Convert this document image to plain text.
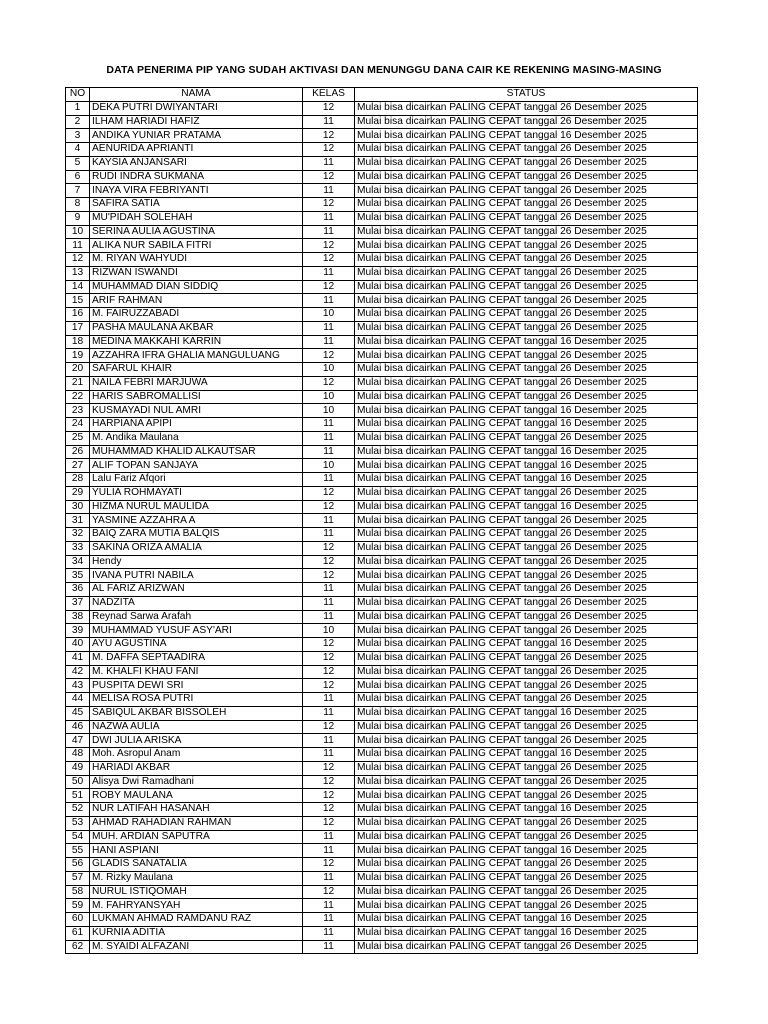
DATA PENERIMA PIP YANG SUDAH AKTIVASI DAN MENUNGGU DANA CAIR KE REKENING MASING-MASING
NO	NAMA	KELAS	STATUS
1	DEKA PUTRI DWIYANTARI	12	Mulai bisa dicairkan PALING CEPAT tanggal 26 Desember 2025
2	ILHAM HARIADI HAFIZ	11	Mulai bisa dicairkan PALING CEPAT tanggal 26 Desember 2025
3	ANDIKA YUNIAR PRATAMA	12	Mulai bisa dicairkan PALING CEPAT tanggal 16 Desember 2025
4	AENURIDA APRIANTI	12	Mulai bisa dicairkan PALING CEPAT tanggal 26 Desember 2025
5	KAYSIA ANJANSARI	11	Mulai bisa dicairkan PALING CEPAT tanggal 26 Desember 2025
6	RUDI INDRA SUKMANA	12	Mulai bisa dicairkan PALING CEPAT tanggal 26 Desember 2025
7	INAYA VIRA FEBRIYANTI	11	Mulai bisa dicairkan PALING CEPAT tanggal 26 Desember 2025
8	SAFIRA SATIA	12	Mulai bisa dicairkan PALING CEPAT tanggal 26 Desember 2025
9	MU'PIDAH SOLEHAH	11	Mulai bisa dicairkan PALING CEPAT tanggal 26 Desember 2025
10	SERINA AULIA AGUSTINA	11	Mulai bisa dicairkan PALING CEPAT tanggal 26 Desember 2025
11	ALIKA NUR SABILA FITRI	12	Mulai bisa dicairkan PALING CEPAT tanggal 26 Desember 2025
12	M. RIYAN WAHYUDI	12	Mulai bisa dicairkan PALING CEPAT tanggal 26 Desember 2025
13	RIZWAN ISWANDI	11	Mulai bisa dicairkan PALING CEPAT tanggal 26 Desember 2025
14	MUHAMMAD DIAN SIDDIQ	12	Mulai bisa dicairkan PALING CEPAT tanggal 26 Desember 2025
15	ARIF RAHMAN	11	Mulai bisa dicairkan PALING CEPAT tanggal 26 Desember 2025
16	M. FAIRUZZABADI	10	Mulai bisa dicairkan PALING CEPAT tanggal 26 Desember 2025
17	PASHA MAULANA AKBAR	11	Mulai bisa dicairkan PALING CEPAT tanggal 26 Desember 2025
18	MEDINA MAKKAHI KARRIN	11	Mulai bisa dicairkan PALING CEPAT tanggal 16 Desember 2025
19	AZZAHRA IFRA GHALIA MANGULUANG	12	Mulai bisa dicairkan PALING CEPAT tanggal 26 Desember 2025
20	SAFARUL KHAIR	10	Mulai bisa dicairkan PALING CEPAT tanggal 26 Desember 2025
21	NAILA FEBRI MARJUWA	12	Mulai bisa dicairkan PALING CEPAT tanggal 26 Desember 2025
22	HARIS SABROMALLISI	10	Mulai bisa dicairkan PALING CEPAT tanggal 26 Desember 2025
23	KUSMAYADI NUL AMRI	10	Mulai bisa dicairkan PALING CEPAT tanggal 16 Desember 2025
24	HARPIANA APIPI	11	Mulai bisa dicairkan PALING CEPAT tanggal 16 Desember 2025
25	M. Andika Maulana	11	Mulai bisa dicairkan PALING CEPAT tanggal 26 Desember 2025
26	MUHAMMAD KHALID ALKAUTSAR	11	Mulai bisa dicairkan PALING CEPAT tanggal 16 Desember 2025
27	ALIF TOPAN SANJAYA	10	Mulai bisa dicairkan PALING CEPAT tanggal 16 Desember 2025
28	Lalu Fariz Afqori	11	Mulai bisa dicairkan PALING CEPAT tanggal 16 Desember 2025
29	YULIA ROHMAYATI	12	Mulai bisa dicairkan PALING CEPAT tanggal 26 Desember 2025
30	HIZMA NURUL MAULIDA	12	Mulai bisa dicairkan PALING CEPAT tanggal 16 Desember 2025
31	YASMINE AZZAHRA A	11	Mulai bisa dicairkan PALING CEPAT tanggal 26 Desember 2025
32	BAIQ ZARA MUTIA BALQIS	11	Mulai bisa dicairkan PALING CEPAT tanggal 26 Desember 2025
33	SAKINA ORIZA AMALIA	12	Mulai bisa dicairkan PALING CEPAT tanggal 26 Desember 2025
34	Hendy	12	Mulai bisa dicairkan PALING CEPAT tanggal 26 Desember 2025
35	IVANA PUTRI NABILA	12	Mulai bisa dicairkan PALING CEPAT tanggal 26 Desember 2025
36	AL FARIZ ARIZWAN	11	Mulai bisa dicairkan PALING CEPAT tanggal 26 Desember 2025
37	NADZITA	11	Mulai bisa dicairkan PALING CEPAT tanggal 26 Desember 2025
38	Reynad Sarwa Arafah	11	Mulai bisa dicairkan PALING CEPAT tanggal 26 Desember 2025
39	MUHAMMAD YUSUF ASY'ARI	10	Mulai bisa dicairkan PALING CEPAT tanggal 26 Desember 2025
40	AYU AGUSTINA	12	Mulai bisa dicairkan PALING CEPAT tanggal 16 Desember 2025
41	M. DAFFA SEPTAADIRA	12	Mulai bisa dicairkan PALING CEPAT tanggal 26 Desember 2025
42	M. KHALFI KHAU FANI	12	Mulai bisa dicairkan PALING CEPAT tanggal 26 Desember 2025
43	PUSPITA DEWI SRI	12	Mulai bisa dicairkan PALING CEPAT tanggal 26 Desember 2025
44	MELISA ROSA PUTRI	11	Mulai bisa dicairkan PALING CEPAT tanggal 26 Desember 2025
45	SABIQUL AKBAR BISSOLEH	11	Mulai bisa dicairkan PALING CEPAT tanggal 16 Desember 2025
46	NAZWA AULIA	12	Mulai bisa dicairkan PALING CEPAT tanggal 26 Desember 2025
47	DWI JULIA ARISKA	11	Mulai bisa dicairkan PALING CEPAT tanggal 26 Desember 2025
48	Moh. Asropul Anam	11	Mulai bisa dicairkan PALING CEPAT tanggal 16 Desember 2025
49	HARIADI AKBAR	12	Mulai bisa dicairkan PALING CEPAT tanggal 26 Desember 2025
50	Alisya Dwi Ramadhani	12	Mulai bisa dicairkan PALING CEPAT tanggal 26 Desember 2025
51	ROBY MAULANA	12	Mulai bisa dicairkan PALING CEPAT tanggal 26 Desember 2025
52	NUR LATIFAH HASANAH	12	Mulai bisa dicairkan PALING CEPAT tanggal 16 Desember 2025
53	AHMAD RAHADIAN RAHMAN	12	Mulai bisa dicairkan PALING CEPAT tanggal 26 Desember 2025
54	MUH. ARDIAN SAPUTRA	11	Mulai bisa dicairkan PALING CEPAT tanggal 26 Desember 2025
55	HANI ASPIANI	11	Mulai bisa dicairkan PALING CEPAT tanggal 16 Desember 2025
56	GLADIS SANATALIA	12	Mulai bisa dicairkan PALING CEPAT tanggal 26 Desember 2025
57	M. Rizky Maulana	11	Mulai bisa dicairkan PALING CEPAT tanggal 26 Desember 2025
58	NURUL ISTIQOMAH	12	Mulai bisa dicairkan PALING CEPAT tanggal 26 Desember 2025
59	M. FAHRYANSYAH	11	Mulai bisa dicairkan PALING CEPAT tanggal 26 Desember 2025
60	LUKMAN AHMAD RAMDANU RAZ	11	Mulai bisa dicairkan PALING CEPAT tanggal 16 Desember 2025
61	KURNIA ADITIA	11	Mulai bisa dicairkan PALING CEPAT tanggal 16 Desember 2025
62	M. SYAIDI ALFAZANI	11	Mulai bisa dicairkan PALING CEPAT tanggal 26 Desember 2025
